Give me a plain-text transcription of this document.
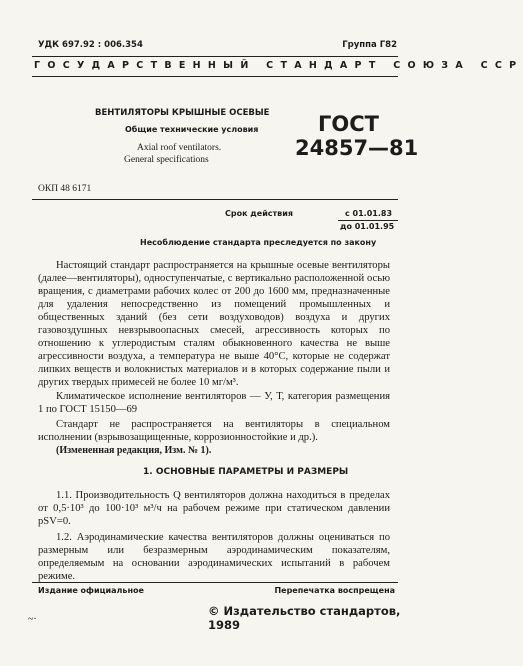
УДК 697.92 : 006.354	Группа Г82
ГОСУДАРСТВЕННЫЙ СТАНДАРТ СОЮЗА ССР
ВЕНТИЛЯТОРЫ КРЫШНЫЕ ОСЕВЫЕ
Общие технические условия
Axial roof ventilators.
General specifications
ГОСТ
24857—81
ОКП 48 6171
Срок действия	с 01.01.83
до 01.01.95
Несоблюдение стандарта преследуется по закону
Настоящий стандарт распространяется на крышные осевые вентиляторы (далее—вентиляторы), одноступенчатые, с вертикально расположенной осью вращения, с диаметрами рабочих колес от 200 до 1600 мм, предназначенные для удаления непосредственно из помещений промышленных и общественных зданий (без сети воздуховодов) воздуха и других газовоздушных невзрывоопасных смесей, агрессивность которых по отношению к углеродистым сталям обыкновенного качества не выше агрессивности воздуха, а температура не выше 40°С, которые не содержат липких веществ и волокнистых материалов и в которых содержание пыли и других твердых примесей не более 10 мг/м³.
Климатическое исполнение вентиляторов — У, Т, категория размещения 1 по ГОСТ 15150—69
Стандарт не распространяется на вентиляторы в специальном исполнении (взрывозащищенные, коррозионностойкие и др.).
(Измененная редакция, Изм. № 1).
1. ОСНОВНЫЕ ПАРАМЕТРЫ И РАЗМЕРЫ
1.1. Производительность Q вентиляторов должна находиться в пределах от 0,5·10³ до 100·10³ м³/ч на рабочем режиме при статическом давлении pSV=0.
1.2. Аэродинамические качества вентиляторов должны оцениваться по размерным или безразмерным аэродинамическим показателям, определяемым на основании аэродинамических испытаний в рабочем режиме.
Издание официальное	Перепечатка воспрещена
© Издательство стандартов, 1989
~·
